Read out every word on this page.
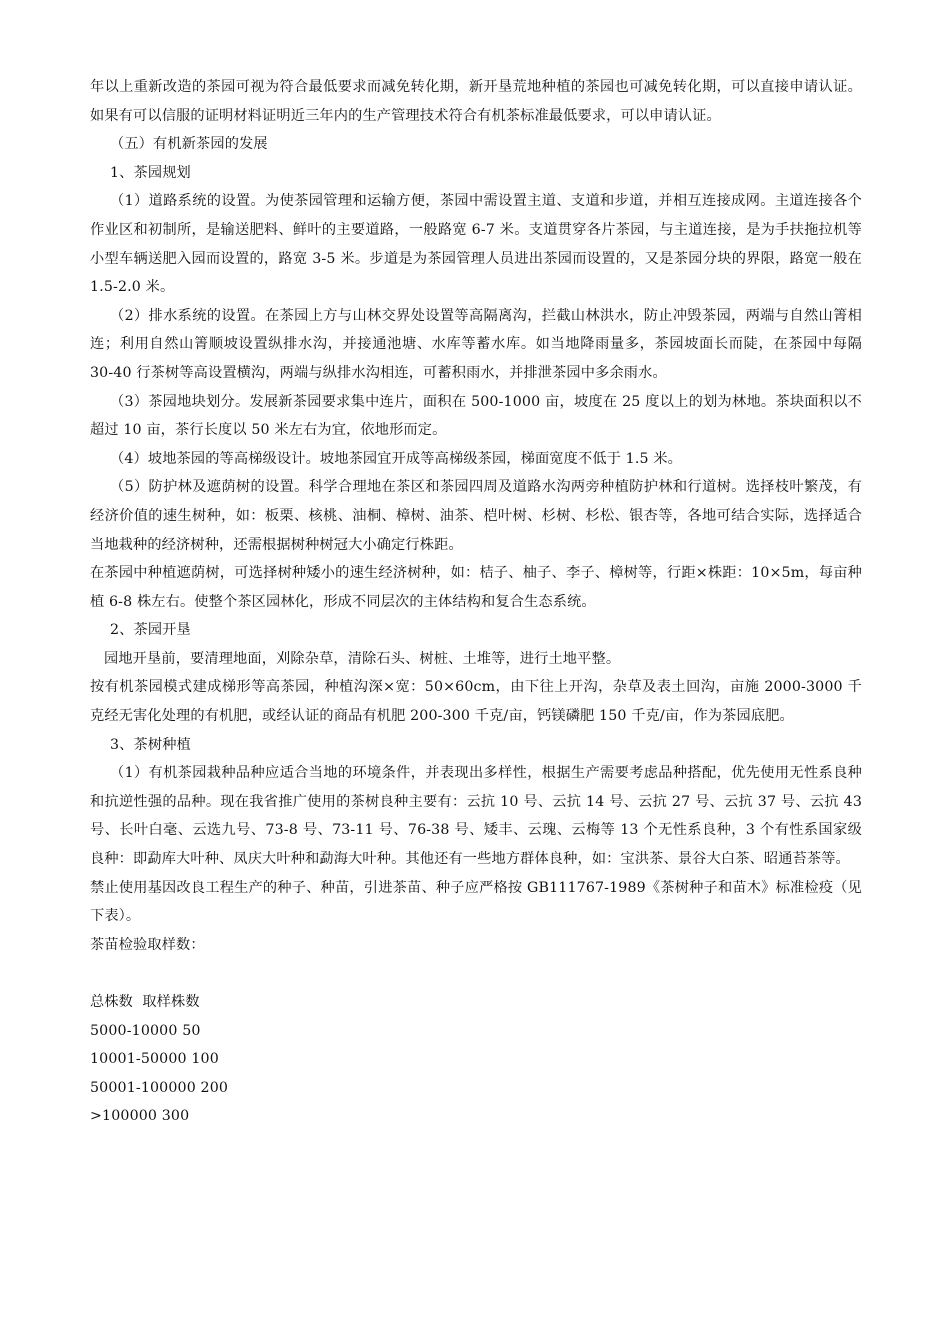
年以上重新改造的茶园可视为符合最低要求而减免转化期，新开垦荒地种植的茶园也可减免转化期，可以直接申请认证。如果有可以信服的证明材料证明近三年内的生产管理技术符合有机茶标准最低要求，可以申请认证。

（五）有机新茶园的发展

1、茶园规划

（1）道路系统的设置。为使茶园管理和运输方便，茶园中需设置主道、支道和步道，并相互连接成网。主道连接各个作业区和初制所，是输送肥料、鲜叶的主要道路，一般路宽 6-7 米。支道贯穿各片茶园，与主道连接，是为手扶拖拉机等小型车辆送肥入园而设置的，路宽 3-5 米。步道是为茶园管理人员进出茶园而设置的，又是茶园分块的界限，路宽一般在 1.5-2.0 米。

（2）排水系统的设置。在茶园上方与山林交界处设置等高隔离沟，拦截山林洪水，防止冲毁茶园，两端与自然山箐相连；利用自然山箐顺坡设置纵排水沟，并接通池塘、水库等蓄水库。如当地降雨量多，茶园坡面长而陡，在茶园中每隔 30-40 行茶树等高设置横沟，两端与纵排水沟相连，可蓄积雨水，并排泄茶园中多余雨水。

（3）茶园地块划分。发展新茶园要求集中连片，面积在 500-1000 亩，坡度在 25 度以上的划为林地。茶块面积以不超过 10 亩，茶行长度以 50 米左右为宜，依地形而定。

（4）坡地茶园的等高梯级设计。坡地茶园宜开成等高梯级茶园，梯面宽度不低于 1.5 米。

（5）防护林及遮荫树的设置。科学合理地在茶区和茶园四周及道路水沟两旁种植防护林和行道树。选择枝叶繁茂，有经济价值的速生树种，如：板栗、核桃、油桐、樟树、油茶、桤叶树、杉树、杉松、银杏等，各地可结合实际，选择适合当地栽种的经济树种，还需根据树种树冠大小确定行株距。

在茶园中种植遮荫树，可选择树种矮小的速生经济树种，如：桔子、柚子、李子、樟树等，行距×株距：10×5m，每亩种植 6-8 株左右。使整个茶区园林化，形成不同层次的主体结构和复合生态系统。

2、茶园开垦

园地开垦前，要清理地面，刈除杂草，清除石头、树桩、土堆等，进行土地平整。

按有机茶园模式建成梯形等高茶园，种植沟深×宽：50×60cm，由下往上开沟，杂草及表土回沟，亩施 2000-3000 千克经无害化处理的有机肥，或经认证的商品有机肥 200-300 千克/亩，钙镁磷肥 150 千克/亩，作为茶园底肥。

3、茶树种植

（1）有机茶园栽种品种应适合当地的环境条件，并表现出多样性，根据生产需要考虑品种搭配，优先使用无性系良种和抗逆性强的品种。现在我省推广使用的茶树良种主要有：云抗 10 号、云抗 14 号、云抗 27 号、云抗 37 号、云抗 43 号、长叶白毫、云选九号、73-8 号、73-11 号、76-38 号、矮丰、云瑰、云梅等 13 个无性系良种，3 个有性系国家级良种：即勐库大叶种、凤庆大叶种和勐海大叶种。其他还有一些地方群体良种，如：宝洪茶、景谷大白茶、昭通苔茶等。

禁止使用基因改良工程生产的种子、种苗，引进茶苗、种子应严格按 GB111767-1989《茶树种子和苗木》标准检疫（见下表）。

茶苗检验取样数：

总株数  取样株数

5000-10000 50

10001-50000 100

50001-100000 200

>100000 300
